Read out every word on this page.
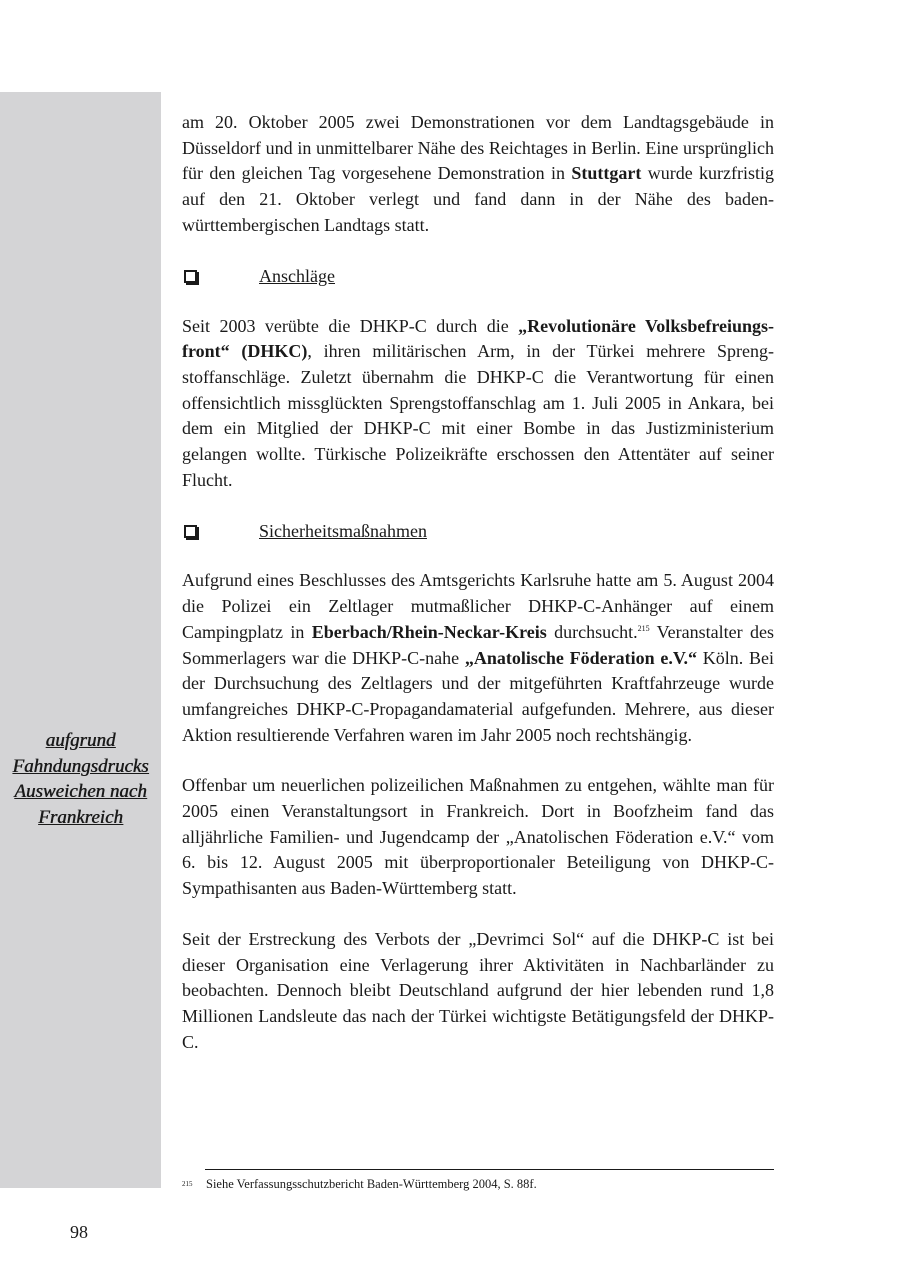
aufgrund
Fahndungsdrucks
Ausweichen nach
Frankreich

am 20. Oktober 2005 zwei Demonstrationen vor dem Landtagsgebäude in Düsseldorf und in unmittelbarer Nähe des Reichtages in Berlin. Eine ursprünglich für den gleichen Tag vorgesehene Demonstration in Stuttgart wurde kurzfristig auf den 21. Oktober verlegt und fand dann in der Nähe des baden-württembergischen Landtags statt.

Anschläge

Seit 2003 verübte die DHKP-C durch die „Revolutionäre Volksbefreiungsfront“ (DHKC), ihren militärischen Arm, in der Türkei mehrere Sprengstoffanschläge. Zuletzt übernahm die DHKP-C die Verantwortung für einen offensichtlich missglückten Sprengstoffanschlag am 1. Juli 2005 in Ankara, bei dem ein Mitglied der DHKP-C mit einer Bombe in das Justizministerium gelangen wollte. Türkische Polizeikräfte erschossen den Attentäter auf seiner Flucht.

Sicherheitsmaßnahmen

Aufgrund eines Beschlusses des Amtsgerichts Karlsruhe hatte am 5. August 2004 die Polizei ein Zeltlager mutmaßlicher DHKP-C-Anhänger auf einem Campingplatz in Eberbach/Rhein-Neckar-Kreis durchsucht.$^{215}$ Veranstalter des Sommerlagers war die DHKP-C-nahe „Anatolische Föderation e.V.“ Köln. Bei der Durchsuchung des Zeltlagers und der mitgeführten Kraftfahrzeuge wurde umfangreiches DHKP-C-Propagandamaterial aufgefunden. Mehrere, aus dieser Aktion resultierende Verfahren waren im Jahr 2005 noch rechtshängig.

Offenbar um neuerlichen polizeilichen Maßnahmen zu entgehen, wählte man für 2005 einen Veranstaltungsort in Frankreich. Dort in Boofzheim fand das alljährliche Familien- und Jugendcamp der „Anatolischen Föderation e.V.“ vom 6. bis 12. August 2005 mit überproportionaler Beteiligung von DHKP-C-Sympathisanten aus Baden-Württemberg statt.

Seit der Erstreckung des Verbots der „Devrimci Sol“ auf die DHKP-C ist bei dieser Organisation eine Verlagerung ihrer Aktivitäten in Nachbarländer zu beobachten. Dennoch bleibt Deutschland aufgrund der hier lebenden rund 1,8 Millionen Landsleute das nach der Türkei wichtigste Betätigungsfeld der DHKP-C.

215 Siehe Verfassungsschutzbericht Baden-Württemberg 2004, S. 88f.
98
